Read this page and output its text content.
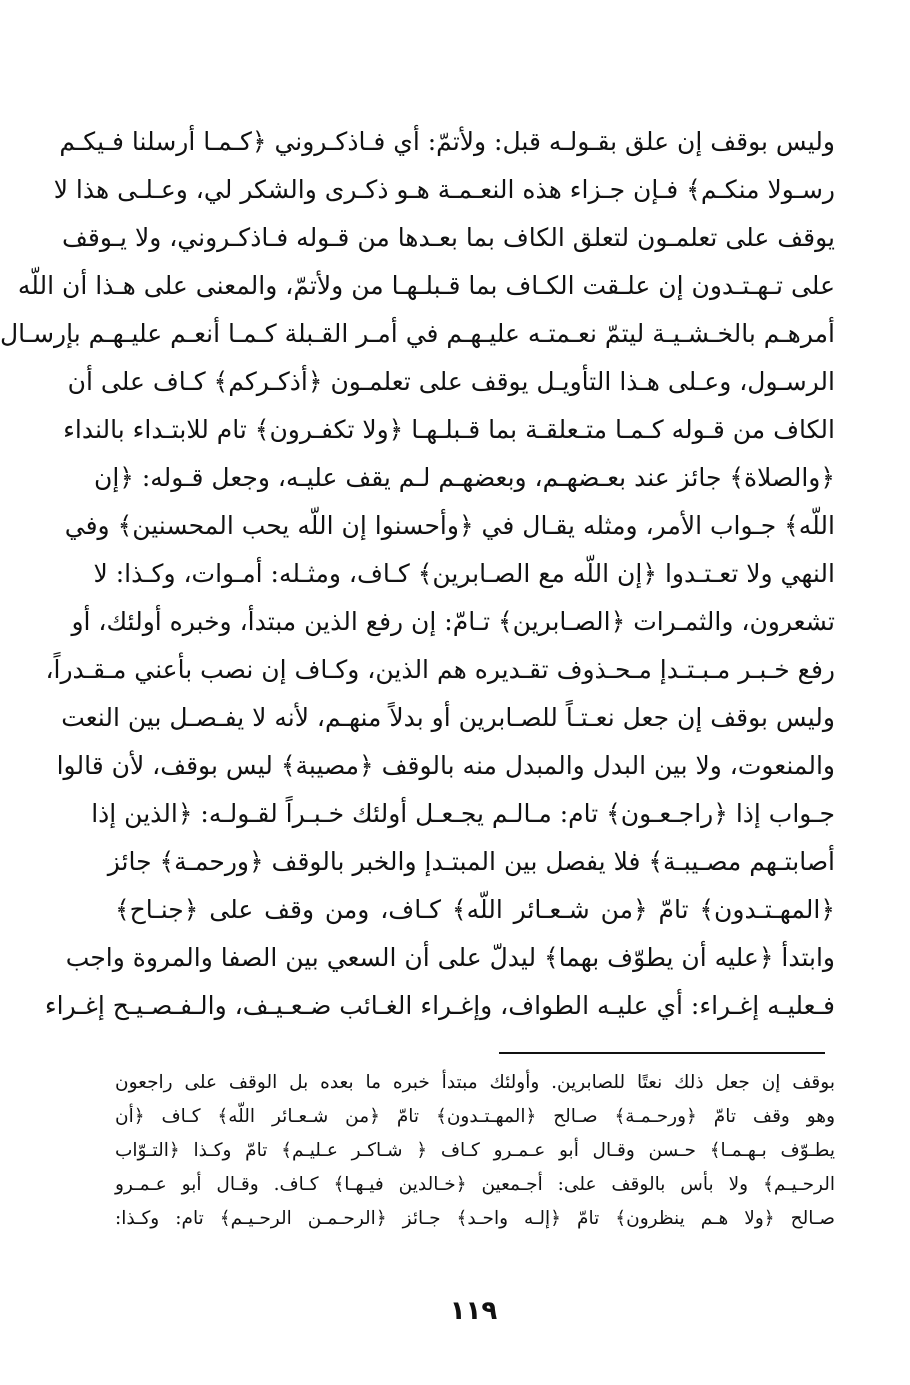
وليس بوقف إن علق بقـولـه قبل: ولأتمّ: أي فـاذكـروني ﴿كـمـا أرسلنا فـيكـم
رسـولا منكـم﴾ فـإن جـزاء هذه النعـمـة هـو ذكـرى والشكر لي، وعـلـى هذا لا
يوقف على تعلمـون لتعلق الكاف بما بعـدها من قـوله فـاذكـروني، ولا يـوقف
على تـهـتـدون إن علـقت الكـاف بما قـبلـهـا من ولأتمّ، والمعنى على هـذا أن اللّه
أمرهـم بالخـشـيـة ليتمّ نعـمتـه عليـهـم في أمـر القـبلة كـمـا أنعـم عليـهـم بإرسـال
الرسـول، وعـلى هـذا التأويـل يوقف على تعلمـون ﴿أذكـركم﴾ كـاف على أن
الكاف من قـوله كـمـا متـعلقـة بما قـبلـهـا ﴿ولا تكفـرون﴾ تام للابتـداء بالنداء
﴿والصلاة﴾ جائز عند بعـضهـم، وبعضهـم لـم يقف عليـه، وجعل قـوله: ﴿إن
اللّه﴾ جـواب الأمر، ومثله يقـال في ﴿وأحسنوا إن اللّه يحب المحسنين﴾ وفي
النهي ولا تعـتـدوا ﴿إن اللّه مع الصـابرين﴾ كـاف، ومثـله: أمـوات، وكـذا: لا
تشعرون، والثمـرات ﴿الصـابرين﴾ تـامّ: إن رفع الذين مبتدأ، وخبره أولئك، أو
رفع خـبـر مـبـتـدإ مـحـذوف تقـديره هم الذين، وكـاف إن نصب بأعني مـقـدراً،
وليس بوقف إن جعل نعـتـاً للصـابرين أو بدلاً منهـم، لأنه لا يفـصـل بين النعت
والمنعوت، ولا بين البدل والمبدل منه بالوقف ﴿مصيبة﴾ ليس بوقف، لأن قالوا
جـواب إذا ﴿راجـعـون﴾ تام: مـالـم يجـعـل أولئك خـبـراً لقـولـه: ﴿الذين إذا
أصابتـهم مصـيبـة﴾ فلا يفصل بين المبتـدإ والخبر بالوقف ﴿ورحمـة﴾ جائز
﴿المهـتـدون﴾ تامّ ﴿من شـعـائر اللّه﴾ كـاف، ومن وقف على ﴿جنـاح﴾
وابتدأ ﴿عليه أن يطوّف بهما﴾ ليدلّ على أن السعي بين الصفا والمروة واجب
فـعليـه إغـراء: أي عليـه الطواف، وإغـراء الغـائب ضـعـيـف، والـفـصـيـح إغـراء
بوقف إن جعل ذلك نعتًا للصابرين. وأولئك مبتدأ خبره ما بعده بل الوقف على راجعون
وهو وقف تامّ ﴿ورحـمـة﴾ صـالح ﴿المهـتـدون﴾ تامّ ﴿من شـعـائر اللّه﴾ كـاف ﴿أن
يطـوّف بـهـمـا﴾ حـسن وقـال أبو عـمـرو كـاف ﴿ شـاكـر عـليـم﴾ تامّ وكـذا ﴿التـوّاب
الرحـيـم﴾ ولا بأس بالوقف على: أجـمعين ﴿خـالدين فيـهـا﴾ كـاف. وقـال أبو عـمـرو
صـالح ﴿ولا هـم ينظرون﴾ تامّ ﴿إلـه واحـد﴾ جـائز ﴿الرحـمـن الرحـيـم﴾ تام: وكـذا:
١١٩
